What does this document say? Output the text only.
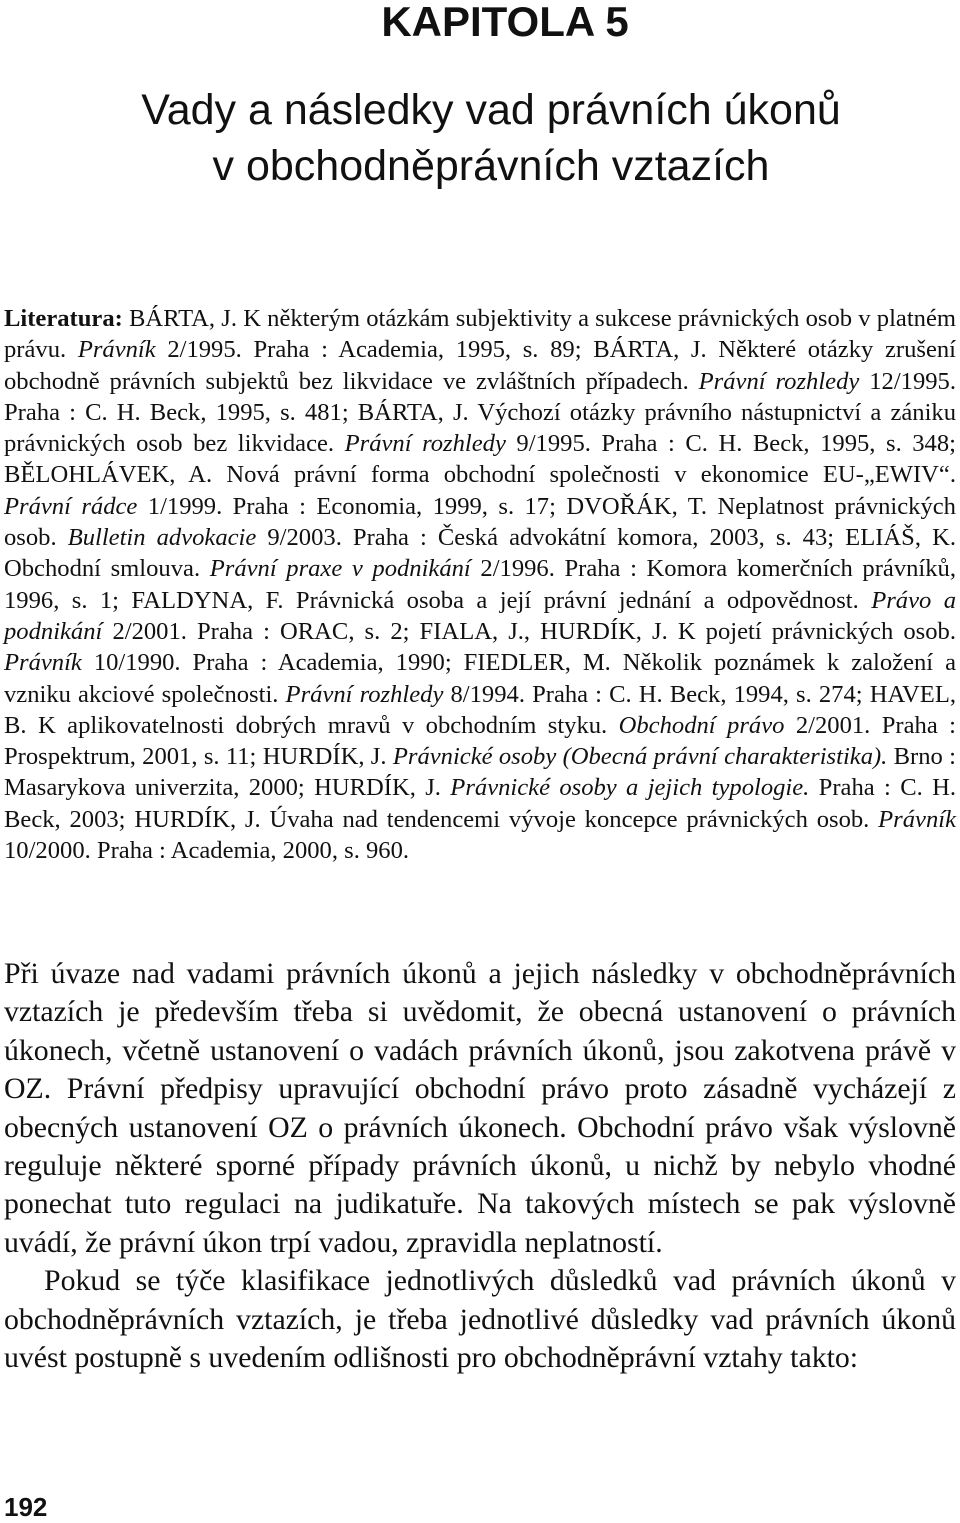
KAPITOLA 5
Vady a následky vad právních úkonů
v obchodněprávních vztazích
Literatura: BÁRTA, J. K některým otázkám subjektivity a sukcese právnických osob v platném právu. Právník 2/1995. Praha : Academia, 1995, s. 89; BÁRTA, J. Některé otázky zrušení obchodně právních subjektů bez likvidace ve zvláštních případech. Právní rozhledy 12/1995. Praha : C. H. Beck, 1995, s. 481; BÁRTA, J. Výchozí otázky právního nástupnictví a zániku právnických osob bez likvidace. Právní rozhledy 9/1995. Praha : C. H. Beck, 1995, s. 348; BĚLOHLÁVEK, A. Nová právní forma obchodní společnosti v ekonomice EU-„EWIV“. Právní rádce 1/1999. Praha : Economia, 1999, s. 17; DVOŘÁK, T. Neplatnost právnických osob. Bulletin advokacie 9/2003. Praha : Česká advokátní komora, 2003, s. 43; ELIÁŠ, K. Obchodní smlouva. Právní praxe v podnikání 2/1996. Praha : Komora komerčních právníků, 1996, s. 1; FALDYNA, F. Právnická osoba a její právní jednání a odpovědnost. Právo a podnikání 2/2001. Praha : ORAC, s. 2; FIALA, J., HURDÍK, J. K pojetí právnických osob. Právník 10/1990. Praha : Academia, 1990; FIEDLER, M. Několik poznámek k založení a vzniku akciové společnosti. Právní rozhledy 8/1994. Praha : C. H. Beck, 1994, s. 274; HAVEL, B. K aplikovatelnosti dobrých mravů v obchodním styku. Obchodní právo 2/2001. Praha : Prospektrum, 2001, s. 11; HURDÍK, J. Právnické osoby (Obecná právní charakteristika). Brno : Masarykova univerzita, 2000; HURDÍK, J. Právnické osoby a jejich typologie. Praha : C. H. Beck, 2003; HURDÍK, J. Úvaha nad tendencemi vývoje koncepce právnických osob. Právník 10/2000. Praha : Academia, 2000, s. 960.

Při úvaze nad vadami právních úkonů a jejich následky v obchodněprávních vztazích je především třeba si uvědomit, že obecná ustanovení o právních úkonech, včetně ustanovení o vadách právních úkonů, jsou zakotvena právě v OZ. Právní předpisy upravující obchodní právo proto zásadně vycházejí z obecných ustanovení OZ o právních úkonech. Obchodní právo však výslovně reguluje některé sporné případy právních úkonů, u nichž by nebylo vhodné ponechat tuto regulaci na judikatuře. Na takových místech se pak výslovně uvádí, že právní úkon trpí vadou, zpravidla neplatností.

Pokud se týče klasifikace jednotlivých důsledků vad právních úkonů v obchodněprávních vztazích, je třeba jednotlivé důsledky vad právních úkonů uvést postupně s uvedením odlišnosti pro obchodněprávní vztahy takto:

192
